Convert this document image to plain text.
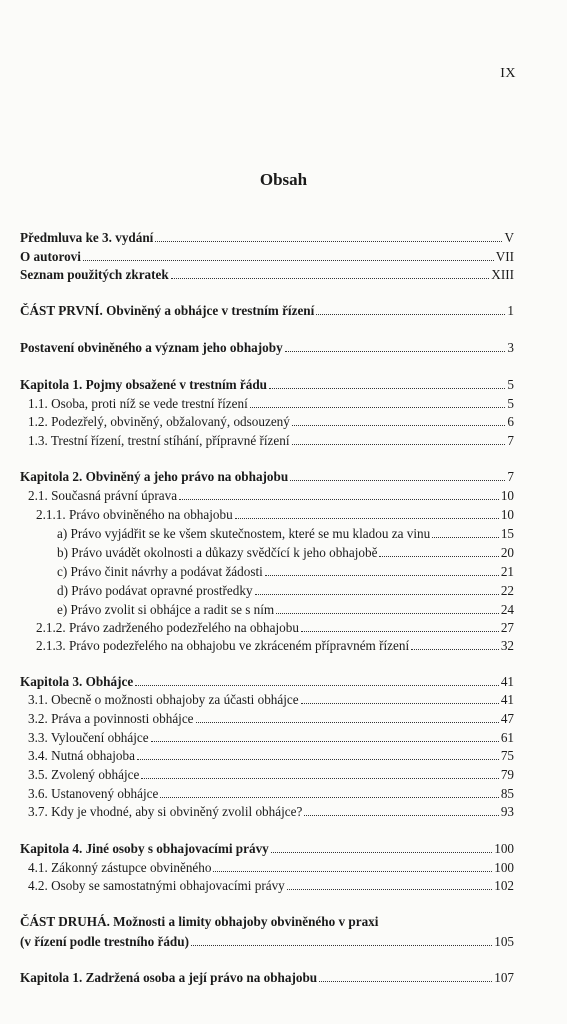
IX
Obsah
Předmluva ke 3. vydání	V
O autorovi	VII
Seznam použitých zkratek	XIII
ČÁST PRVNÍ. Obviněný a obhájce v trestním řízení	1
Postavení obviněného a význam jeho obhajoby	3
Kapitola 1. Pojmy obsažené v trestním řádu	5
1.1. Osoba, proti níž se vede trestní řízení	5
1.2. Podezřelý, obviněný, obžalovaný, odsouzený	6
1.3. Trestní řízení, trestní stíhání, přípravné řízení	7
Kapitola 2. Obviněný a jeho právo na obhajobu	7
2.1. Současná právní úprava	10
2.1.1. Právo obviněného na obhajobu	10
a) Právo vyjádřit se ke všem skutečnostem, které se mu kladou za vinu	15
b) Právo uvádět okolnosti a důkazy svědčící k jeho obhajobě	20
c) Právo činit návrhy a podávat žádosti	21
d) Právo podávat opravné prostředky	22
e) Právo zvolit si obhájce a radit se s ním	24
2.1.2. Právo zadrženého podezřelého na obhajobu	27
2.1.3. Právo podezřelého na obhajobu ve zkráceném přípravném řízení	32
Kapitola 3. Obhájce	41
3.1. Obecně o možnosti obhajoby za účasti obhájce	41
3.2. Práva a povinnosti obhájce	47
3.3. Vyloučení obhájce	61
3.4. Nutná obhajoba	75
3.5. Zvolený obhájce	79
3.6. Ustanovený obhájce	85
3.7. Kdy je vhodné, aby si obviněný zvolil obhájce?	93
Kapitola 4. Jiné osoby s obhajovacími právy	100
4.1. Zákonný zástupce obviněného	100
4.2. Osoby se samostatnými obhajovacími právy	102
ČÁST DRUHÁ. Možnosti a limity obhajoby obviněného v praxi
(v řízení podle trestního řádu)	105
Kapitola 1. Zadržená osoba a její právo na obhajobu	107
